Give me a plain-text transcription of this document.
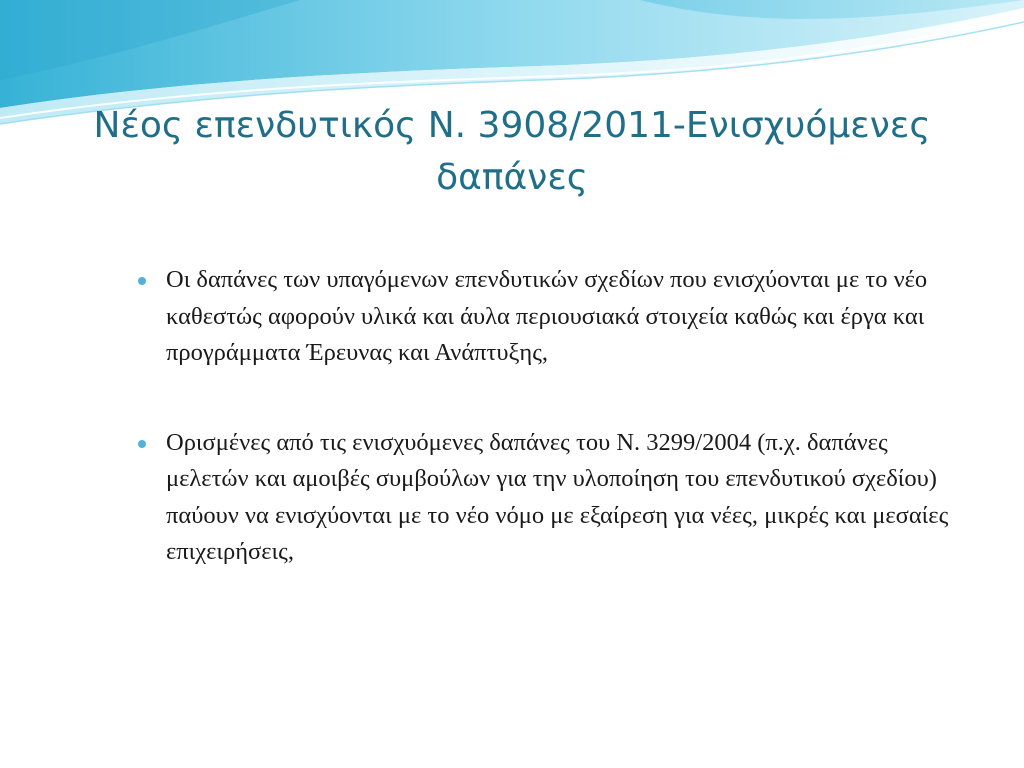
Νέος επενδυτικός Ν. 3908/2011-Ενισχυόμενες
δαπάνες
Οι δαπάνες των υπαγόμενων επενδυτικών σχεδίων που ενισχύονται με το νέο καθεστώς αφορούν υλικά και άυλα περιουσιακά στοιχεία καθώς και έργα και προγράμματα Έρευνας και Ανάπτυξης,
Ορισμένες από τις ενισχυόμενες δαπάνες του Ν. 3299/2004 (π.χ. δαπάνες μελετών και αμοιβές συμβούλων για την υλοποίηση του επενδυτικού σχεδίου) παύουν να ενισχύονται με το νέο νόμο με εξαίρεση για νέες, μικρές και μεσαίες επιχειρήσεις,
